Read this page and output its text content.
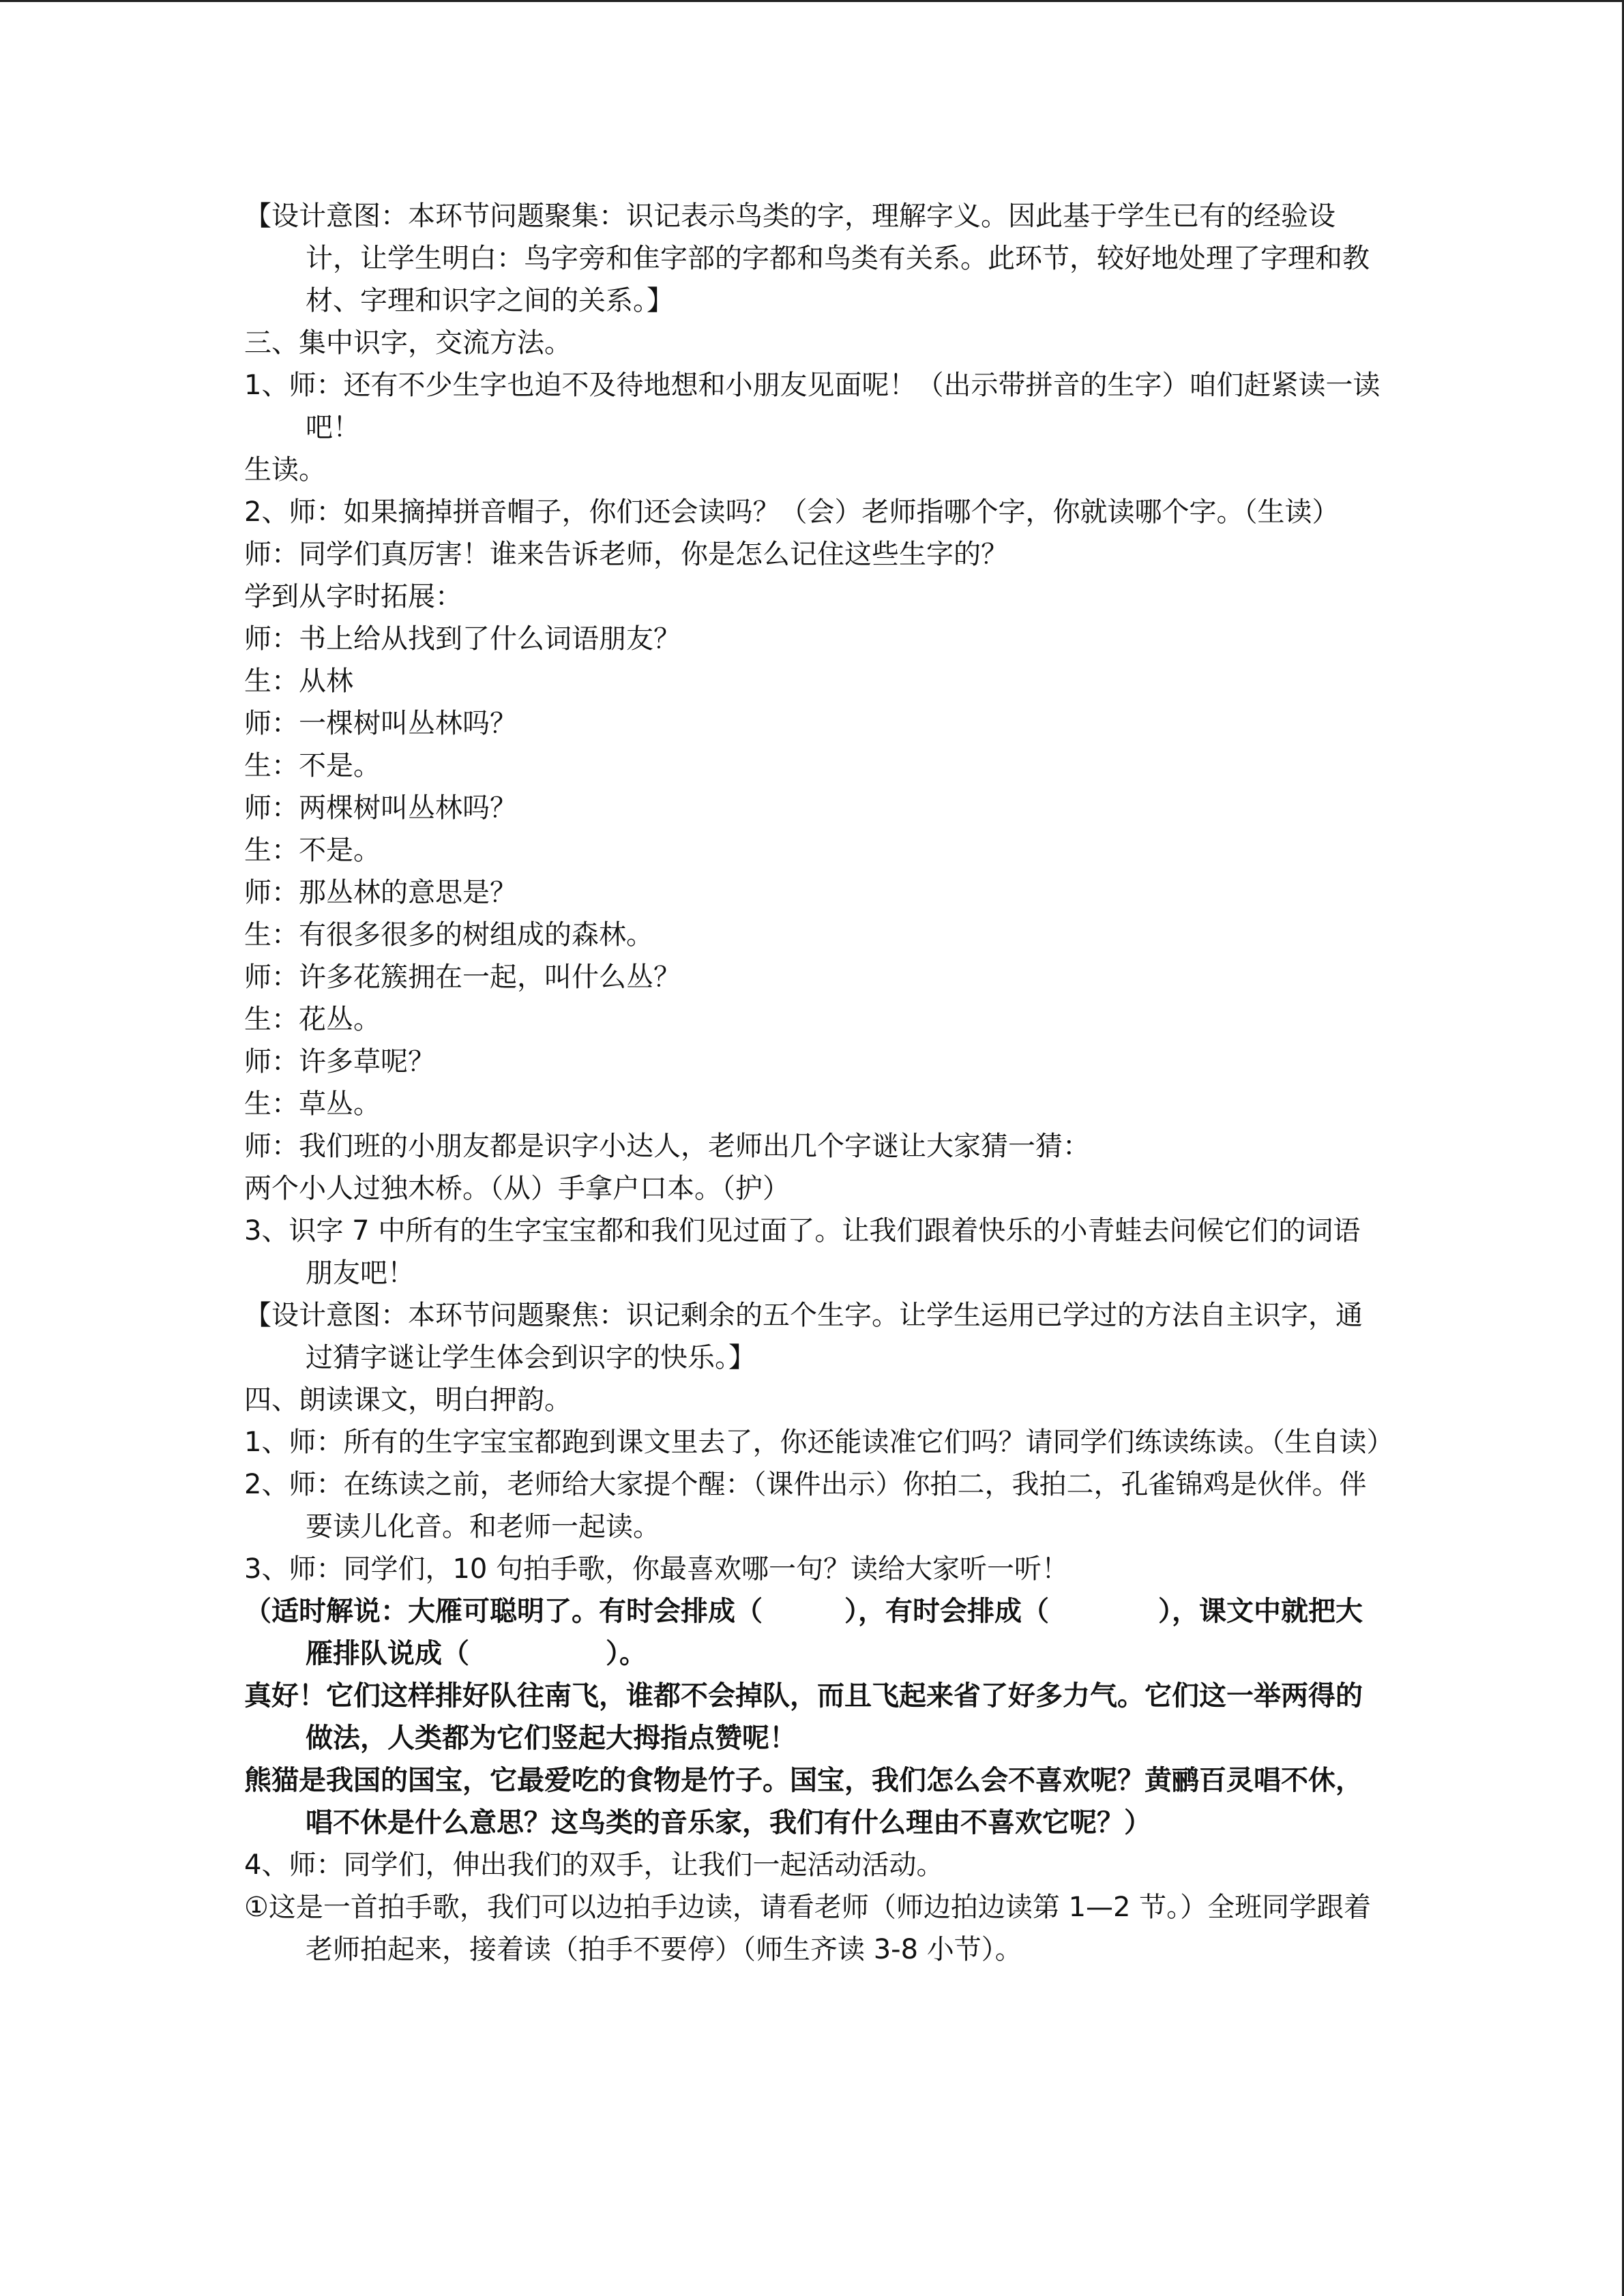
【设计意图：本环节问题聚集：识记表示鸟类的字，理解字义。因此基于学生已有的经验设计，让学生明白：鸟字旁和隹字部的字都和鸟类有关系。此环节，较好地处理了字理和教材、字理和识字之间的关系。】

三、集中识字，交流方法。

1、师：还有不少生字也迫不及待地想和小朋友见面呢！（出示带拼音的生字）咱们赶紧读一读吧！

生读。

2、师：如果摘掉拼音帽子，你们还会读吗？（会）老师指哪个字，你就读哪个字。（生读）

师：同学们真厉害！谁来告诉老师，你是怎么记住这些生字的？

学到从字时拓展：

师：书上给从找到了什么词语朋友？

生：从林

师：一棵树叫丛林吗？

生：不是。

师：两棵树叫丛林吗？

生：不是。

师：那丛林的意思是？

生：有很多很多的树组成的森林。

师：许多花簇拥在一起，叫什么丛？

生：花丛。

师：许多草呢？

生：草丛。

师：我们班的小朋友都是识字小达人，老师出几个字谜让大家猜一猜：

两个小人过独木桥。（从）手拿户口本。（护）

3、识字 7 中所有的生字宝宝都和我们见过面了。让我们跟着快乐的小青蛙去问候它们的词语朋友吧！

【设计意图：本环节问题聚焦：识记剩余的五个生字。让学生运用已学过的方法自主识字，通过猜字谜让学生体会到识字的快乐。】

四、朗读课文，明白押韵。

1、师：所有的生字宝宝都跑到课文里去了，你还能读准它们吗？请同学们练读练读。（生自读）

2、师：在练读之前，老师给大家提个醒：（课件出示）你拍二，我拍二，孔雀锦鸡是伙伴。伴要读儿化音。和老师一起读。

3、师：同学们，10 句拍手歌，你最喜欢哪一句？读给大家听一听！

（适时解说：大雁可聪明了。有时会排成（　　　），有时会排成（　　　　），课文中就把大雁排队说成（　　　　　）。

真好！它们这样排好队往南飞，谁都不会掉队，而且飞起来省了好多力气。它们这一举两得的做法，人类都为它们竖起大拇指点赞呢！

熊猫是我国的国宝，它最爱吃的食物是竹子。国宝，我们怎么会不喜欢呢？黄鹂百灵唱不休，唱不休是什么意思？这鸟类的音乐家，我们有什么理由不喜欢它呢？）

4、师：同学们，伸出我们的双手，让我们一起活动活动。

①这是一首拍手歌，我们可以边拍手边读，请看老师（师边拍边读第 1—2 节。）全班同学跟着老师拍起来，接着读（拍手不要停）（师生齐读 3-8 小节）。
